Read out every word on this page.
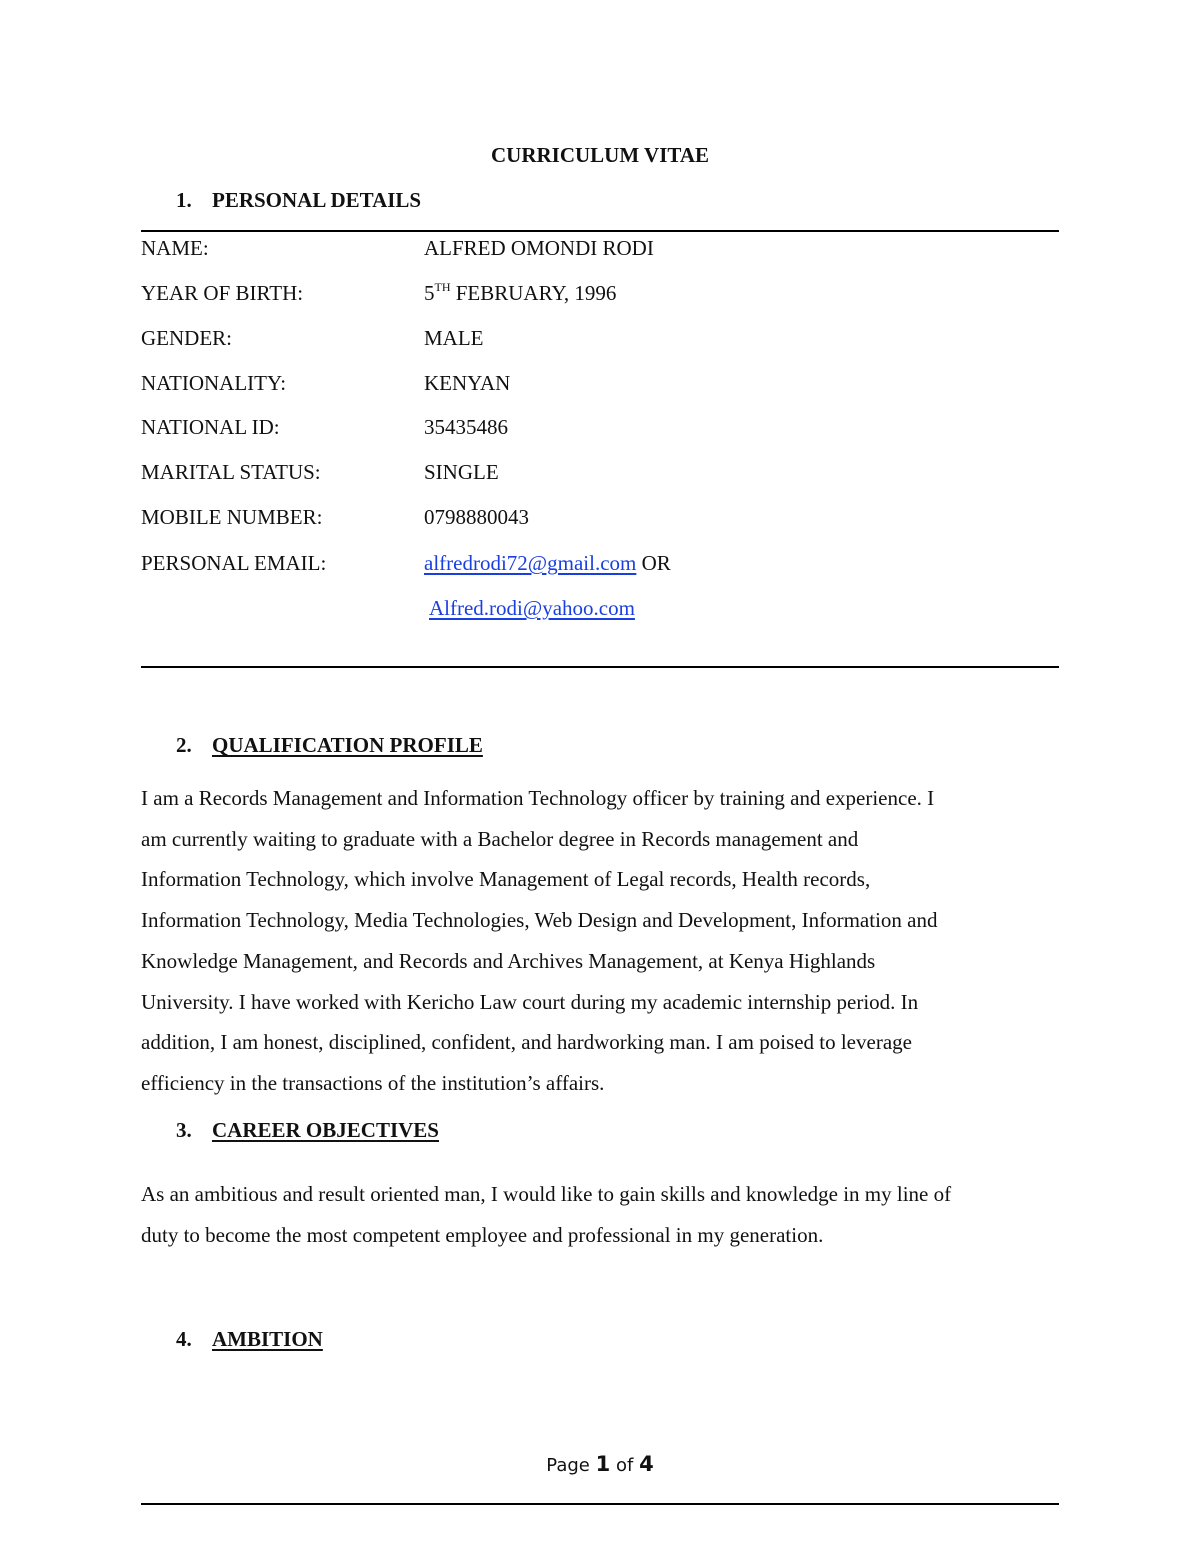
CURRICULUM VITAE
1. PERSONAL DETAILS
NAME:	ALFRED OMONDI RODI
YEAR OF BIRTH:	5TH FEBRUARY, 1996
GENDER:	MALE
NATIONALITY:	KENYAN
NATIONAL ID:	35435486
MARITAL STATUS:	SINGLE
MOBILE NUMBER:	0798880043
PERSONAL EMAIL:	alfredrodi72@gmail.com OR
Alfred.rodi@yahoo.com
2. QUALIFICATION PROFILE
I am a Records Management and Information Technology officer by training and experience. I
am currently waiting to graduate with a Bachelor degree in Records management and
Information Technology, which involve Management of Legal records, Health records,
Information Technology, Media Technologies, Web Design and Development, Information and
Knowledge Management, and Records and Archives Management, at Kenya Highlands
University. I have worked with Kericho Law court during my academic internship period. In
addition, I am honest, disciplined, confident, and hardworking man. I am poised to leverage
efficiency in the transactions of the institution’s affairs.
3. CAREER OBJECTIVES
As an ambitious and result oriented man, I would like to gain skills and knowledge in my line of
duty to become the most competent employee and professional in my generation.
4. AMBITION
Page 1 of 4
